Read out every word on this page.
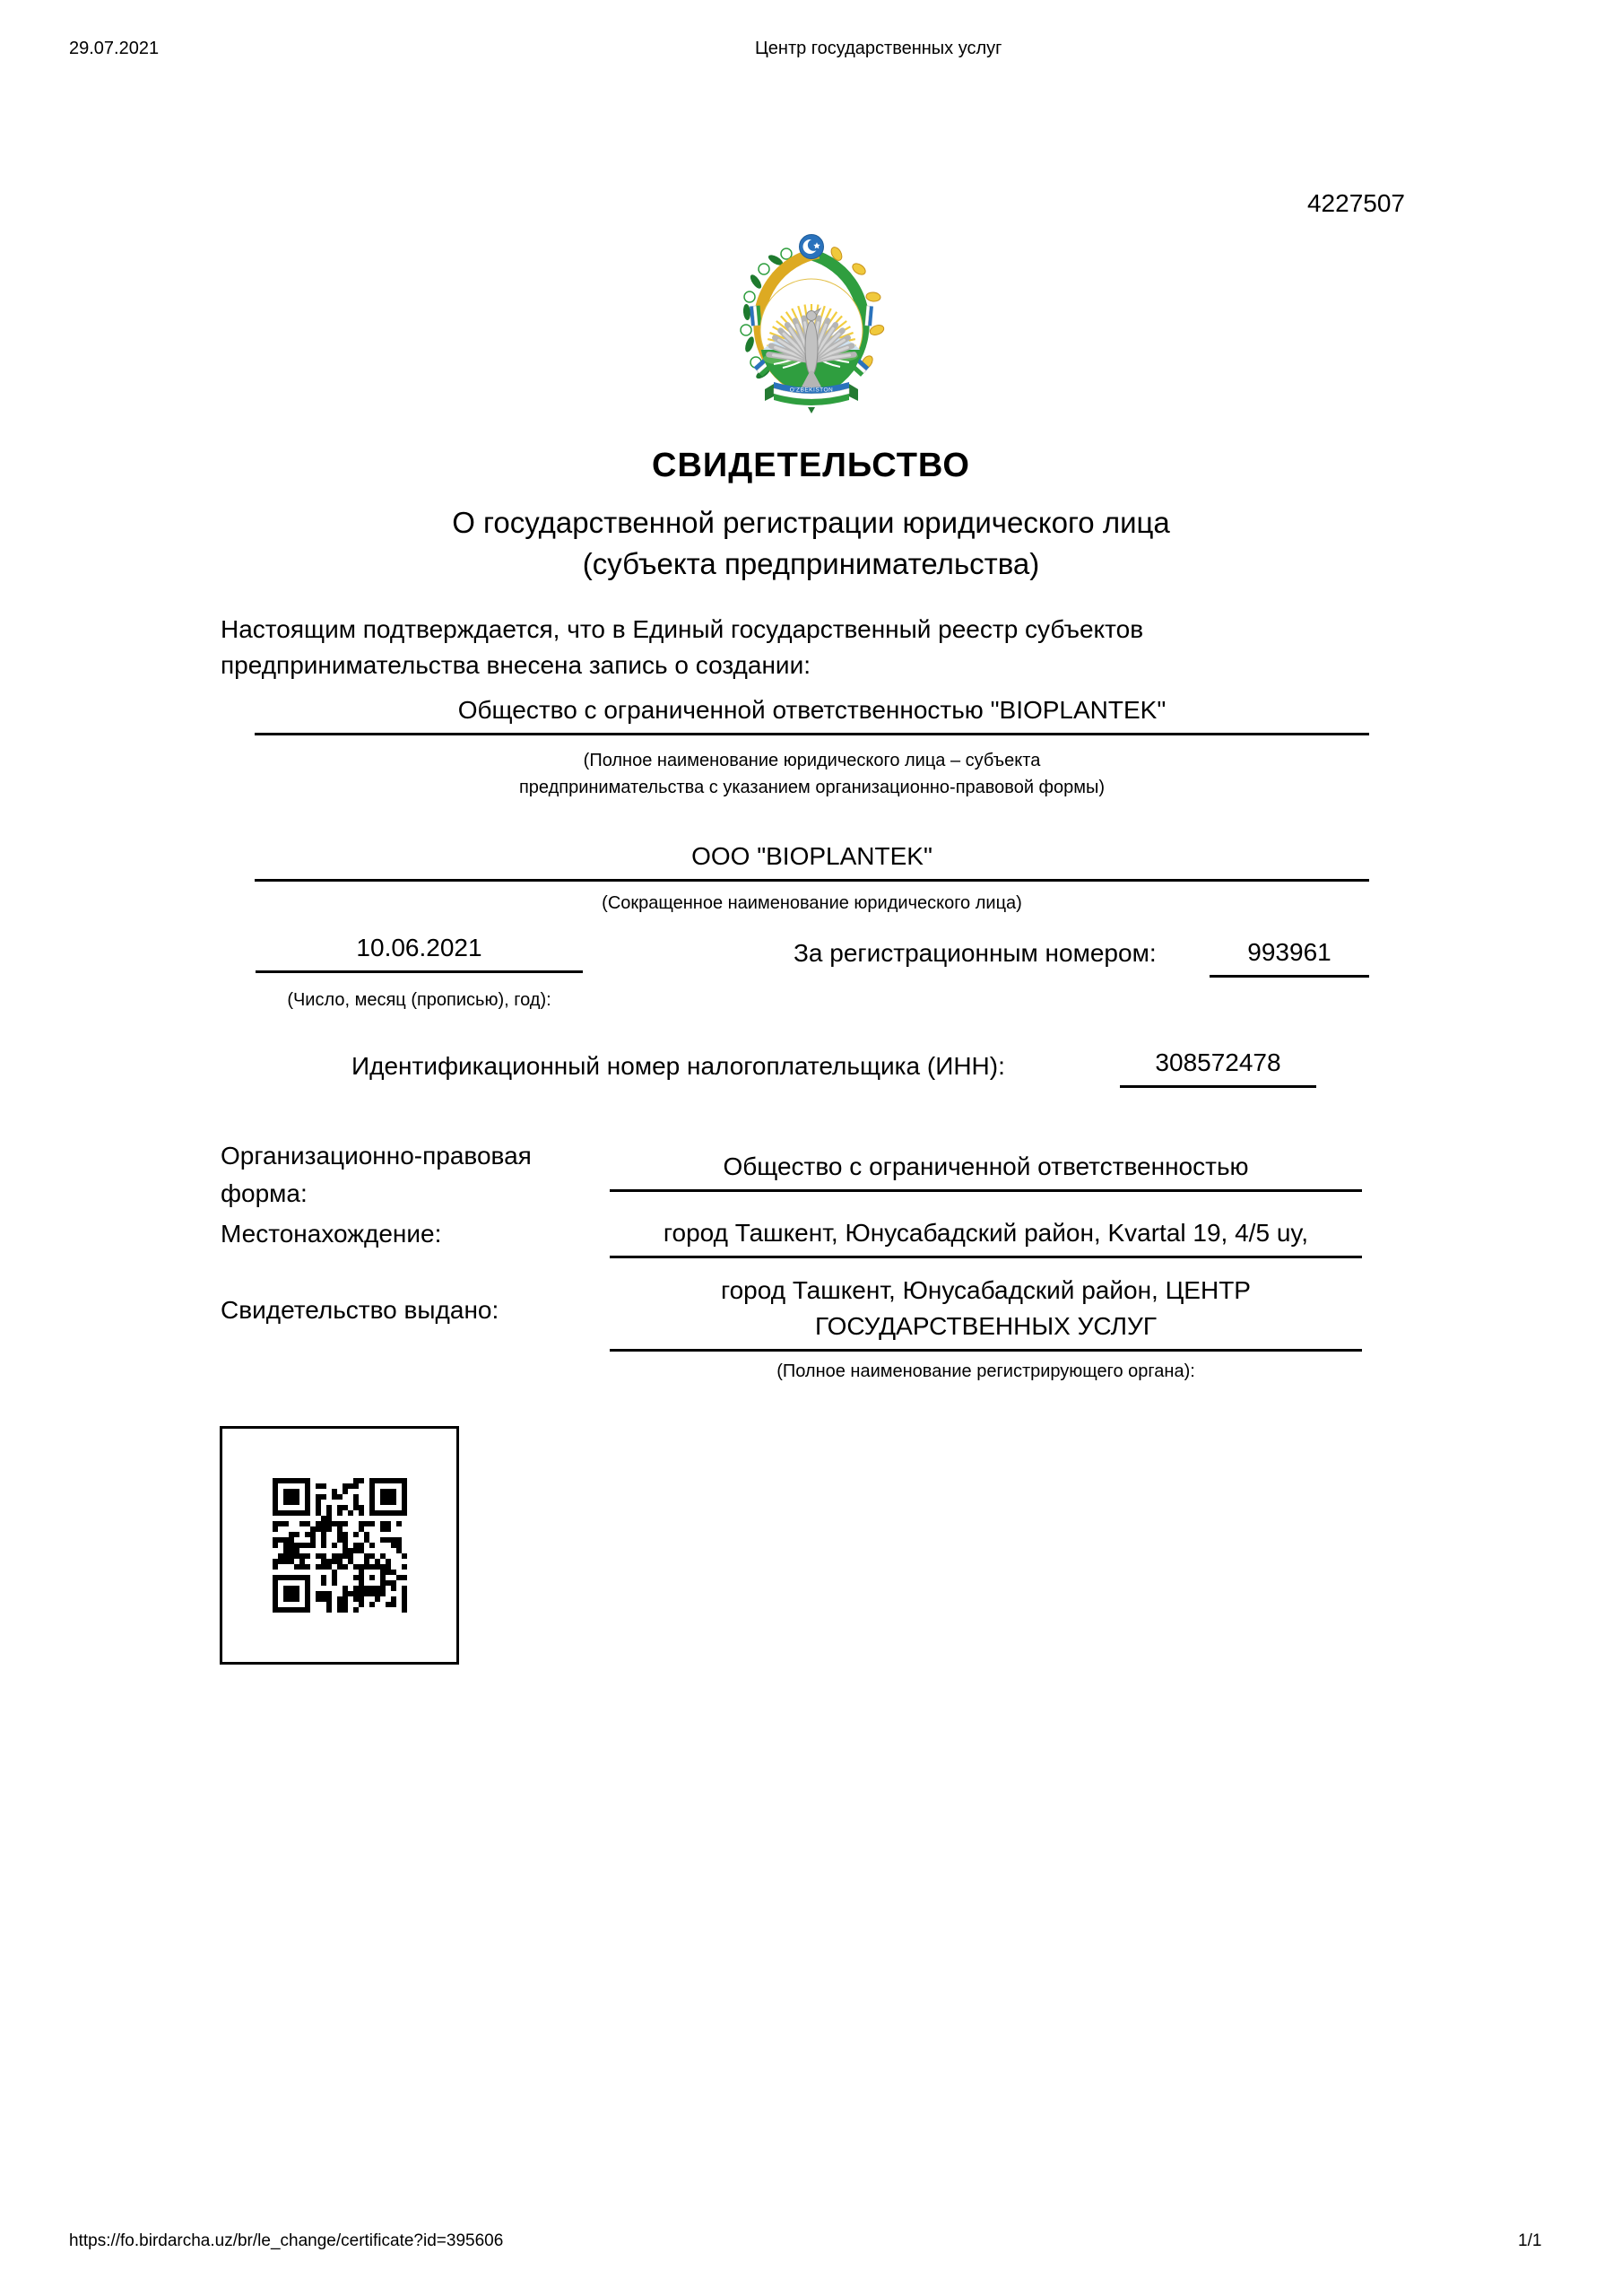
29.07.2021	Центр государственных услуг
4227507
O'ZBEKISTON
СВИДЕТЕЛЬСТВО
О государственной регистрации юридического лица
(субъекта предпринимательства)
Настоящим подтверждается, что в Единый государственный реестр субъектов
предпринимательства внесена запись о создании:
Общество с ограниченной ответственностью "BIOPLANTEK"
(Полное наименование юридического лица – субъекта
предпринимательства с указанием организационно-правовой формы)
ООО "BIOPLANTEK"
(Сокращенное наименование юридического лица)
10.06.2021	За регистрационным номером:	993961
(Число, месяц (прописью), год):
Идентификационный номер налогоплательщика (ИНН):	308572478
Организационно-правовая
форма:
Общество с ограниченной ответственностью
Местонахождение:	город Ташкент, Юнусабадский район, Kvartal 19, 4/5 uy,
Свидетельство выдано:
город Ташкент, Юнусабадский район, ЦЕНТР
ГОСУДАРСТВЕННЫХ УСЛУГ
(Полное наименование регистрирующего органа):
https://fo.birdarcha.uz/br/le_change/certificate?id=395606	1/1
